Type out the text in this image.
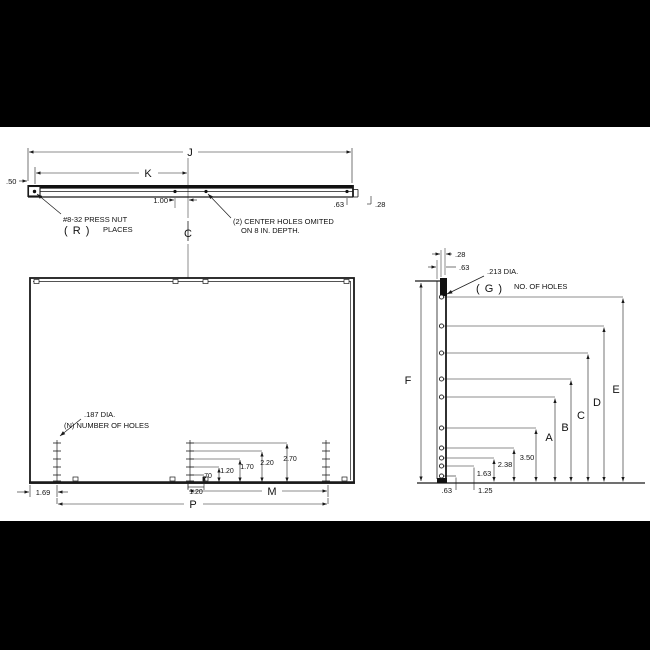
J
K
.50
1.00	.63	.28
#8-32 PRESS NUT
( R ) PLACES
(2) CENTER HOLES OMITED
ON 8 IN. DEPTH.
C
.187 DIA.
(N) NUMBER OF HOLES
.70
1.20
1.70
2.20
2.70
1.20
1.69	M
P
F
.28
.63 .213 DIA.
( G ) NO. OF HOLES
.63	1.25
1.63
2.38
3.50
A
B
C
D
E
